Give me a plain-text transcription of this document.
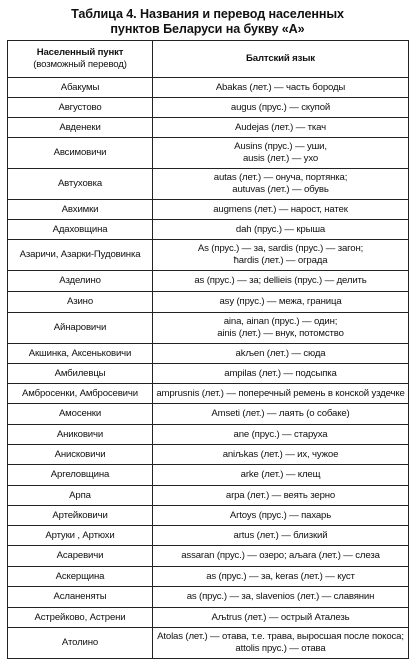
Таблица 4. Названия и перевод населенных
пунктов Беларуси на букву «А»
Населенный пункт
(возможный перевод)	Балтский язык

Абакумы	Abakas (лет.) — часть бороды

Августово	augus (прус.) — скупой

Авденеки	Audejas (лет.) — ткач

Авсимовичи	Ausins (прус.) — уши,
ausis (лет.) — ухо

Автуховка	autas (лет.) — онуча, портянка;
autuvas (лет.) — обувь

Авхимки	augmens (лет.) — нарост, натек

Адаховщина	dah (прус.) — крыша

Азаричи, Азарки-Пудовинка	As (прус.) — за, sardis (прус.) — загон;
ħardis (лет.) — ограда

Азделино	as (прус.) — за; dellieis (прус.) — делить

Азино	asy (прус.) — межа, граница

Айнаровичи	aina, ainan (прус.) — один;
ainis (лет.) — внук, потомство

Акшинка, Аксеньковичи	akљen (лет.) — сюда

Амбилевцы	ampilas (лет.) — подсыпка

Амбросенки, Амбросевичи	amprusnis (лет.) — поперечный ремень в конской уздечке

Амосенки	Amseti (лет.) — лаять (о собаке)

Аниковичи	ane (прус.) — старуха

Анисковичи	aniљkas (лет.) — их, чужое

Аргеловщина	arke (лет.) — клещ

Арпа	arpa (лет.) — веять зерно

Артейковичи	Artoys (прус.) — пахарь

Артуки , Артюхи	artus (лет.) — близкий

Асаревичи	assaran (прус.) — озеро; aљara (лет.) — слеза

Аскерщина	as (прус.) — за, keras (лет.) — куст

Асланеняты	as (прус.) — за, slavenios (лет.) — славянин

Астрейково, Астрени	Aљtrus (лет.) — острый Аталезь

Атолино	Atolas (лет.) — отава, т.е. трава, выросшая после покоса;
attolis прус.) — отава
